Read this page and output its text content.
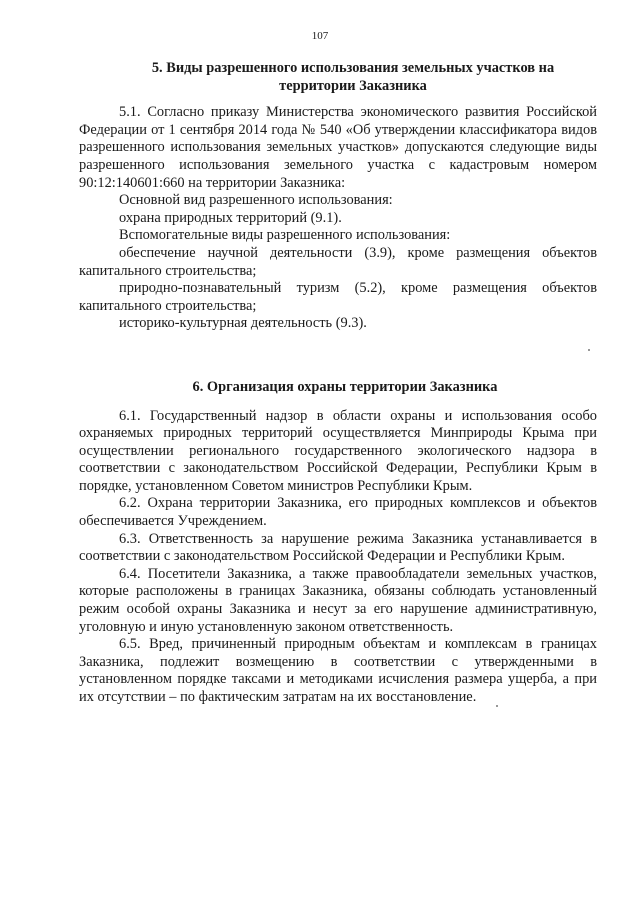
107
5. Виды разрешенного использования земельных участков на
территории Заказника

5.1. Согласно приказу Министерства экономического развития Российской Федерации от 1 сентября 2014 года № 540 «Об утверждении классификатора видов разрешенного использования земельных участков» допускаются следующие виды разрешенного использования земельного участка с кадастровым номером 90:12:140601:660 на территории Заказника:

Основной вид разрешенного использования:

охрана природных территорий (9.1).

Вспомогательные виды разрешенного использования:

обеспечение научной деятельности (3.9), кроме размещения объектов капитального строительства;

природно-познавательный туризм (5.2), кроме размещения объектов капитального строительства;

историко-культурная деятельность (9.3).

6. Организация охраны территории Заказника

6.1. Государственный надзор в области охраны и использования особо охраняемых природных территорий осуществляется Минприроды Крыма при осуществлении регионального государственного экологического надзора в соответствии с законодательством Российской Федерации, Республики Крым в порядке, установленном Советом министров Республики Крым.

6.2. Охрана территории Заказника, его природных комплексов и объектов обеспечивается Учреждением.

6.3. Ответственность за нарушение режима Заказника устанавливается в соответствии с законодательством Российской Федерации и Республики Крым.

6.4. Посетители Заказника, а также правообладатели земельных участков, которые расположены в границах Заказника, обязаны соблюдать установленный режим особой охраны Заказника и несут за его нарушение административную, уголовную и иную установленную законом ответственность.

6.5. Вред, причиненный природным объектам и комплексам в границах Заказника, подлежит возмещению в соответствии с утвержденными в установленном порядке таксами и методиками исчисления размера ущерба, а при их отсутствии – по фактическим затратам на их восстановление.
